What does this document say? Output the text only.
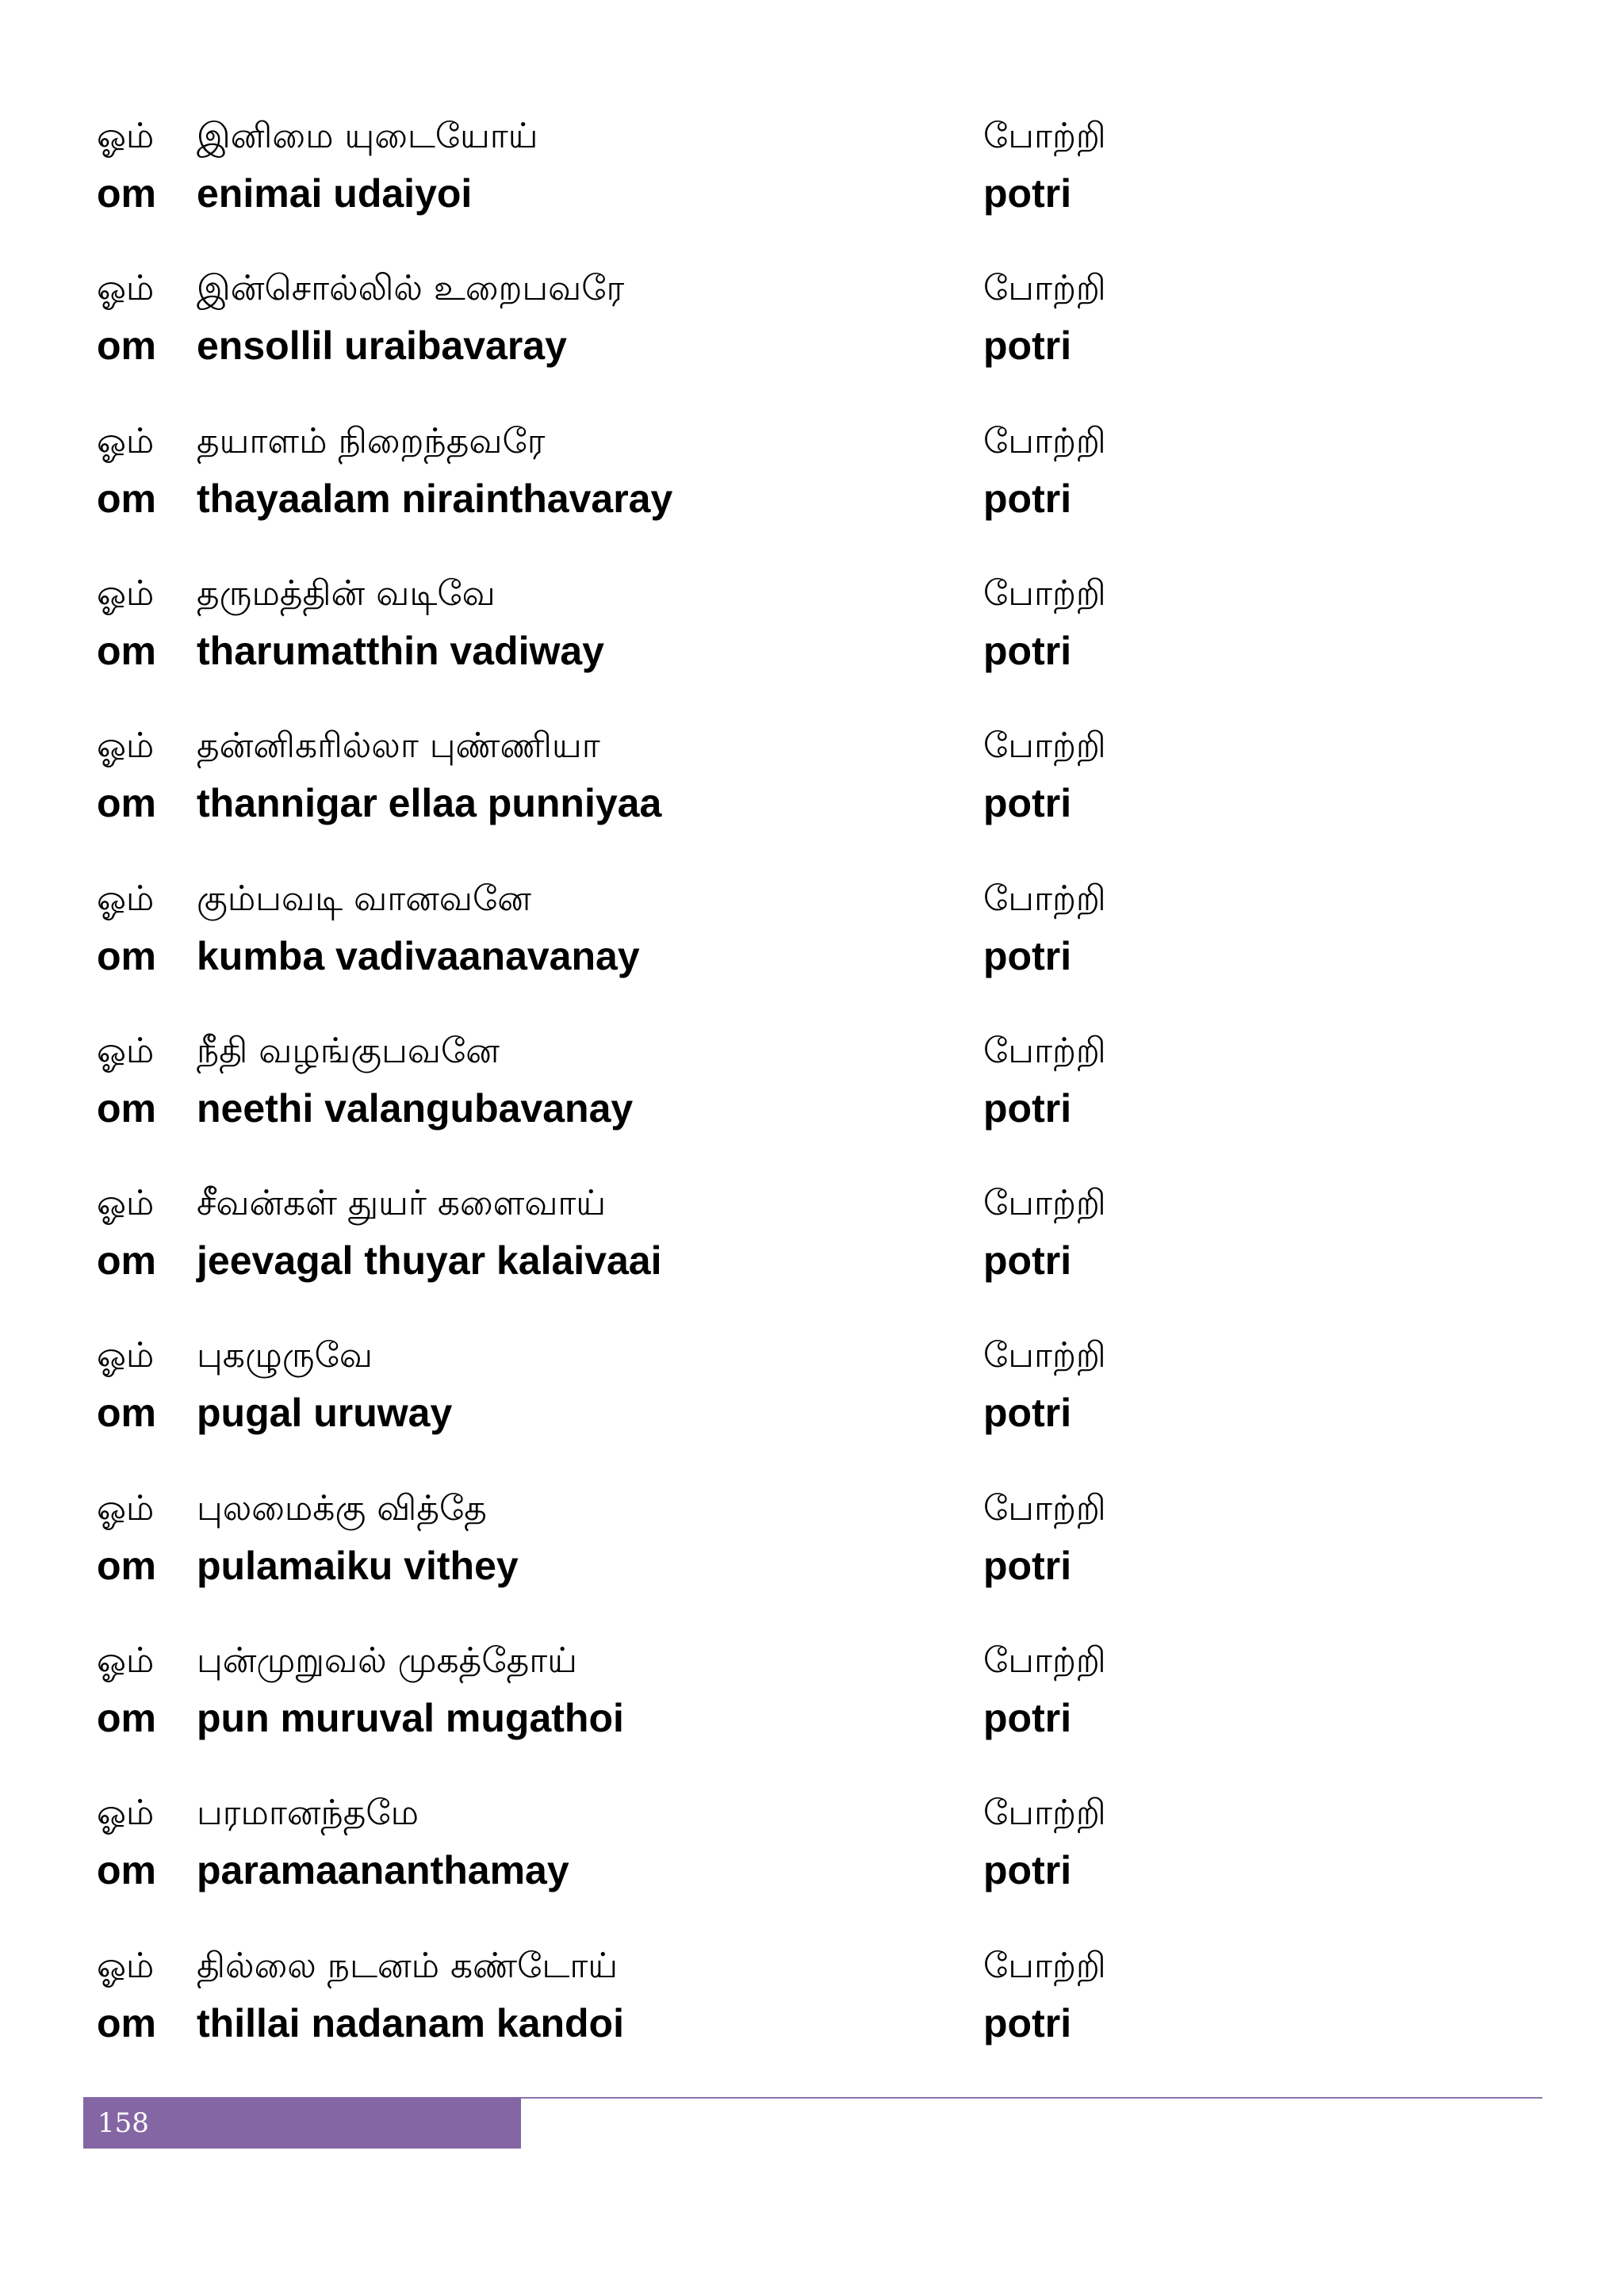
ஓம் இனிமை யுடையோய்	போற்றி
om enimai udaiyoi	potri
ஓம் இன்சொல்லில் உறைபவரே	போற்றி
om ensollil uraibavaray	potri
ஓம் தயாளம் நிறைந்தவரே	போற்றி
om thayaalam nirainthavaray	potri
ஓம் தருமத்தின் வடிவே	போற்றி
om tharumatthin vadiway	potri
ஓம் தன்னிகரில்லா புண்ணியா	போற்றி
om thannigar ellaa punniyaa	potri
ஓம் கும்பவடி வானவனே	போற்றி
om kumba vadivaanavanay	potri
ஓம் நீதி வழங்குபவனே	போற்றி
om neethi valangubavanay	potri
ஓம் சீவன்கள் துயர் களைவாய்	போற்றி
om jeevagal thuyar kalaivaai	potri
ஓம் புகழுருவே	போற்றி
om pugal uruway	potri
ஓம் புலமைக்கு வித்தே	போற்றி
om pulamaiku vithey	potri
ஓம் புன்முறுவல் முகத்தோய்	போற்றி
om pun muruval mugathoi	potri
ஓம் பரமானந்தமே	போற்றி
om paramaananthamay	potri
ஓம் தில்லை நடனம் கண்டோய்	போற்றி
om thillai nadanam kandoi	potri
158
